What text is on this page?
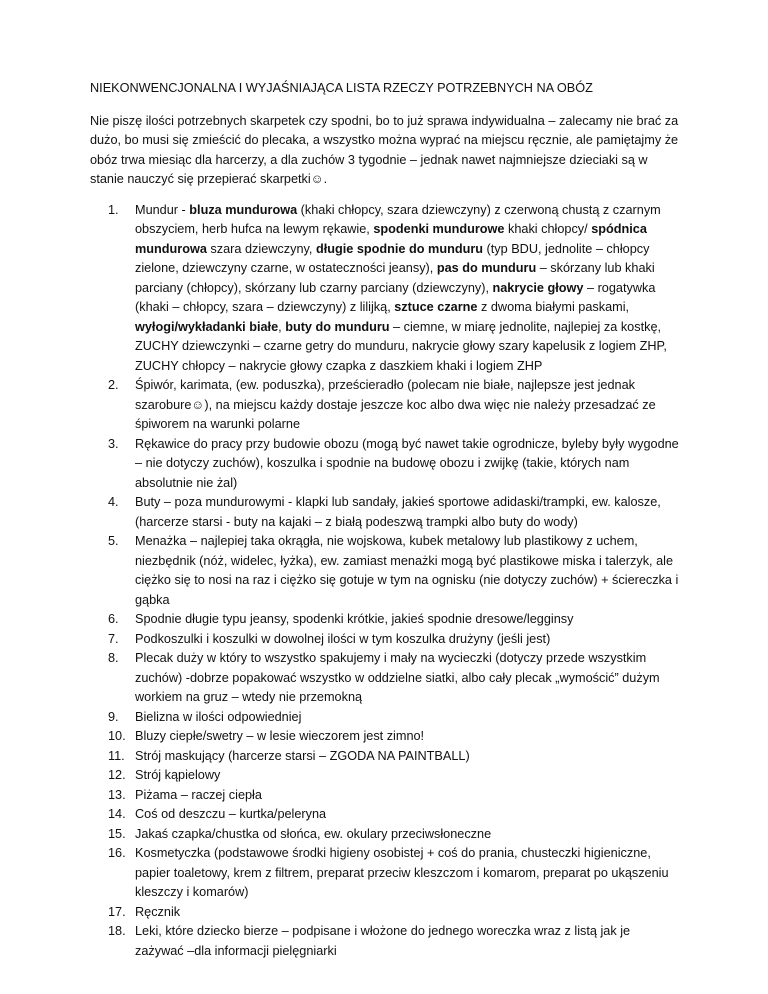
NIEKONWENCJONALNA I WYJAŚNIAJĄCA LISTA RZECZY POTRZEBNYCH NA OBÓZ

Nie piszę ilości potrzebnych skarpetek czy spodni, bo to już sprawa indywidualna – zalecamy nie brać za dużo, bo musi się zmieścić do plecaka, a wszystko można wyprać na miejscu ręcznie, ale pamiętajmy że obóz trwa miesiąc dla harcerzy, a dla zuchów 3 tygodnie – jednak nawet najmniejsze dzieciaki są w stanie nauczyć się przepierać skarpetki☺.

1.	Mundur - bluza mundurowa (khaki chłopcy, szara dziewczyny) z czerwoną chustą z czarnym obszyciem, herb hufca na lewym rękawie, spodenki mundurowe khaki chłopcy/ spódnica mundurowa szara dziewczyny, długie spodnie do munduru (typ BDU, jednolite – chłopcy zielone, dziewczyny czarne, w ostateczności jeansy), pas do munduru – skórzany lub khaki parciany (chłopcy), skórzany lub czarny parciany (dziewczyny), nakrycie głowy – rogatywka (khaki – chłopcy, szara – dziewczyny) z lilijką, sztuce czarne z dwoma białymi paskami, wyłogi/wykładanki białe, buty do munduru – ciemne, w miarę jednolite, najlepiej za kostkę, ZUCHY dziewczynki – czarne getry do munduru, nakrycie głowy szary kapelusik z logiem ZHP, ZUCHY chłopcy – nakrycie głowy czapka z daszkiem khaki i logiem ZHP
2.	Śpiwór, karimata, (ew. poduszka), prześcieradło (polecam nie białe, najlepsze jest jednak szarobure☺), na miejscu każdy dostaje jeszcze koc albo dwa więc nie należy przesadzać ze śpiworem na warunki polarne
3.	Rękawice do pracy przy budowie obozu (mogą być nawet takie ogrodnicze, byleby były wygodne – nie dotyczy zuchów), koszulka i spodnie na budowę obozu i zwijkę (takie, których nam absolutnie nie żal)
4.	Buty – poza mundurowymi - klapki lub sandały, jakieś sportowe adidaski/trampki, ew. kalosze, (harcerze starsi - buty na kajaki – z białą podeszwą trampki albo buty do wody)
5.	Menażka – najlepiej taka okrągła, nie wojskowa, kubek metalowy lub plastikowy z uchem, niezbędnik (nóż, widelec, łyżka), ew. zamiast menażki mogą być plastikowe miska i talerzyk, ale ciężko się to nosi na raz i ciężko się gotuje w tym na ognisku (nie dotyczy zuchów) + ściereczka i gąbka
6.	Spodnie długie typu jeansy, spodenki krótkie, jakieś spodnie dresowe/legginsy
7.	Podkoszulki i koszulki w dowolnej ilości w tym koszulka drużyny (jeśli jest)
8.	Plecak duży w który to wszystko spakujemy i mały na wycieczki (dotyczy przede wszystkim zuchów) -dobrze popakować wszystko w oddzielne siatki, albo cały plecak „wymościć” dużym workiem na gruz – wtedy nie przemokną
9.	Bielizna w ilości odpowiedniej
10. Bluzy ciepłe/swetry – w lesie wieczorem jest zimno!
11. Strój maskujący (harcerze starsi – ZGODA NA PAINTBALL)
12. Strój kąpielowy
13. Piżama – raczej ciepła
14. Coś od deszczu – kurtka/peleryna
15. Jakaś czapka/chustka od słońca, ew. okulary przeciwsłoneczne
16. Kosmetyczka (podstawowe środki higieny osobistej + coś do prania, chusteczki higieniczne, papier toaletowy, krem z filtrem, preparat przeciw kleszczom i komarom, preparat po ukąszeniu kleszczy i komarów)
17. Ręcznik
18. Leki, które dziecko bierze – podpisane i włożone do jednego woreczka wraz z listą jak je zażywać –dla informacji pielęgniarki
